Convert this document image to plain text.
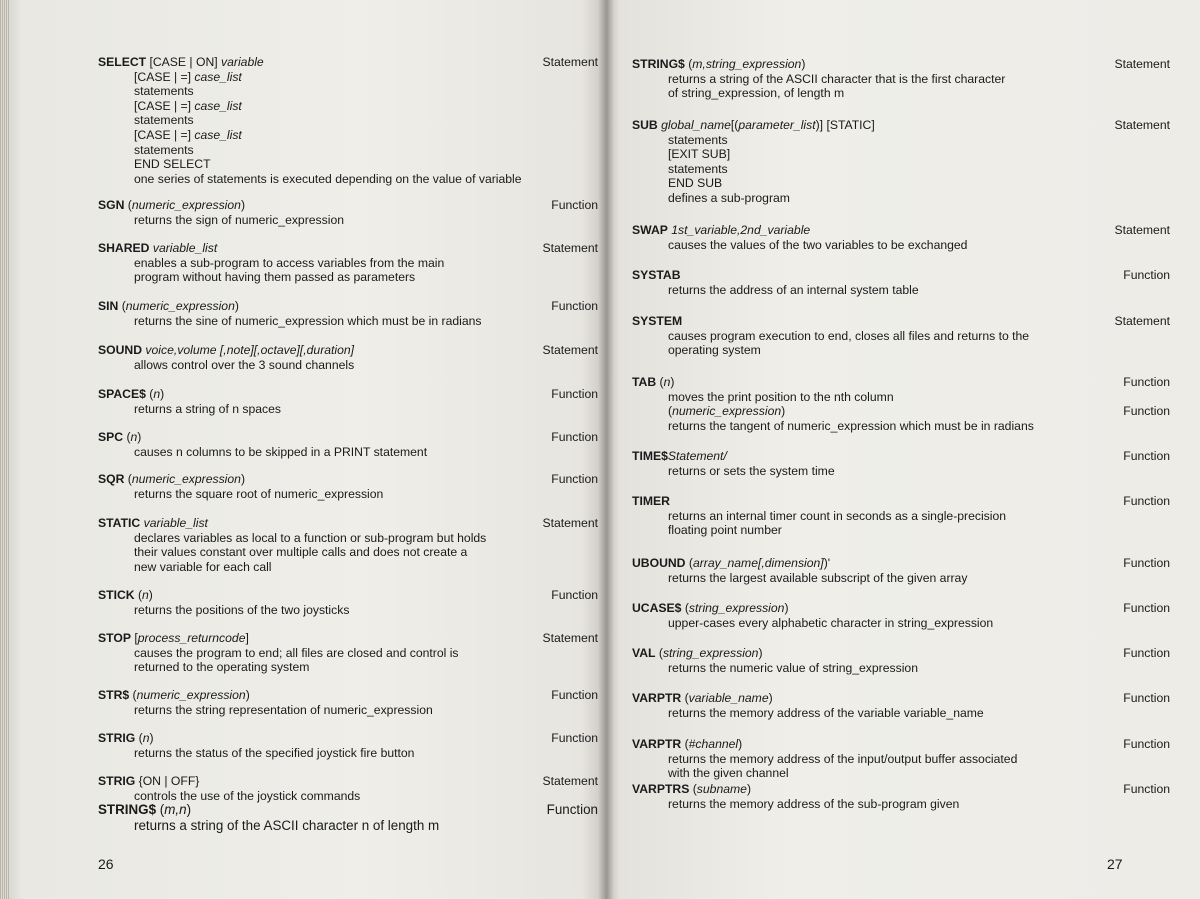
SELECT [CASE | ON] variable	Statement
[CASE | =] case_list
statements
[CASE | =] case_list
statements
[CASE | =] case_list
statements
END SELECT
one series of statements is executed depending on the value of variable
SGN (numeric_expression)	Function
returns the sign of numeric_expression
SHARED variable_list	Statement
enables a sub-program to access variables from the main
program without having them passed as parameters
SIN (numeric_expression)	Function
returns the sine of numeric_expression which must be in radians
SOUND voice,volume [,note][,octave][,duration]	Statement
allows control over the 3 sound channels
SPACE$ (n)	Function
returns a string of n spaces
SPC (n)	Function
causes n columns to be skipped in a PRINT statement
SQR (numeric_expression)	Function
returns the square root of numeric_expression
STATIC variable_list	Statement
declares variables as local to a function or sub-program but holds
their values constant over multiple calls and does not create a
new variable for each call
STICK (n)	Function
returns the positions of the two joysticks
STOP [process_returncode]	Statement
causes the program to end; all files are closed and control is
returned to the operating system
STR$ (numeric_expression)	Function
returns the string representation of numeric_expression
STRIG (n)	Function
returns the status of the specified joystick fire button
STRIG {ON | OFF}	Statement
controls the use of the joystick commands
STRING$ (m,n)	Function
returns a string of the ASCII character n of length m
26
STRING$ (m,string_expression)	Statement
returns a string of the ASCII character that is the first character
of string_expression, of length m
SUB global_name[(parameter_list)] [STATIC]	Statement
statements
[EXIT SUB]
statements
END SUB
defines a sub-program
SWAP 1st_variable,2nd_variable	Statement
causes the values of the two variables to be exchanged
SYSTAB	Function
returns the address of an internal system table
SYSTEM	Statement
causes program execution to end, closes all files and returns to the
operating system
TAB (n)	Function
moves the print position to the nth column
(numeric_expression)	Function
returns the tangent of numeric_expression which must be in radians
TIME$Statement/	Function
returns or sets the system time
TIMER	Function
returns an internal timer count in seconds as a single-precision
floating point number
UBOUND (array_name[,dimension])'	Function
returns the largest available subscript of the given array
UCASE$ (string_expression)	Function
upper-cases every alphabetic character in string_expression
VAL (string_expression)	Function
returns the numeric value of string_expression
VARPTR (variable_name)	Function
returns the memory address of the variable variable_name
VARPTR (#channel)	Function
returns the memory address of the input/output buffer associated
with the given channel
VARPTRS (subname)	Function
returns the memory address of the sub-program given
27
